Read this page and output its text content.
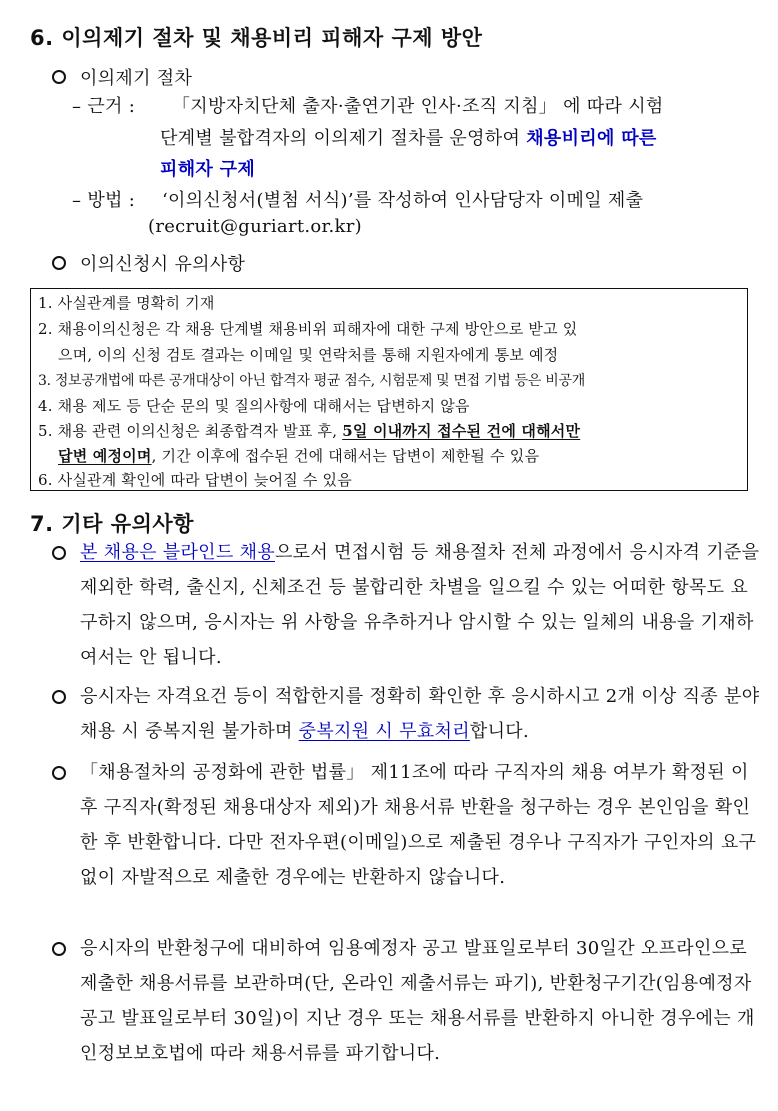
6. 이의제기 절차 및 채용비리 피해자 구제 방안
이의제기 절차
– 근거 : 「지방자치단체 출자·출연기관 인사·조직 지침」 에 따라 시험
단계별 불합격자의 이의제기 절차를 운영하여 채용비리에 따른
피해자 구제
– 방법 : ‘이의신청서(별첨 서식)’를 작성하여 인사담당자 이메일 제출
(recruit@guriart.or.kr)
이의신청시 유의사항
1. 사실관계를 명확히 기재
2. 채용이의신청은 각 채용 단계별 채용비위 피해자에 대한 구제 방안으로 받고 있
으며, 이의 신청 검토 결과는 이메일 및 연락처를 통해 지원자에게 통보 예정
3. 정보공개법에 따른 공개대상이 아닌 합격자 평균 점수, 시험문제 및 면접 기법 등은 비공개
4. 채용 제도 등 단순 문의 및 질의사항에 대해서는 답변하지 않음
5. 채용 관련 이의신청은 최종합격자 발표 후, 5일 이내까지 접수된 건에 대해서만
답변 예정이며, 기간 이후에 접수된 건에 대해서는 답변이 제한될 수 있음
6. 사실관계 확인에 따라 답변이 늦어질 수 있음
7. 기타 유의사항
본 채용은 블라인드 채용으로서 면접시험 등 채용절차 전체 과정에서 응시자격 기준을 제외한 학력, 출신지, 신체조건 등 불합리한 차별을 일으킬 수 있는 어떠한 항목도 요구하지 않으며, 응시자는 위 사항을 유추하거나 암시할 수 있는 일체의 내용을 기재하여서는 안 됩니다.
응시자는 자격요건 등이 적합한지를 정확히 확인한 후 응시하시고 2개 이상 직종 분야 채용 시 중복지원 불가하며 중복지원 시 무효처리합니다.
「채용절차의 공정화에 관한 법률」 제11조에 따라 구직자의 채용 여부가 확정된 이후 구직자(확정된 채용대상자 제외)가 채용서류 반환을 청구하는 경우 본인임을 확인한 후 반환합니다. 다만 전자우편(이메일)으로 제출된 경우나 구직자가 구인자의 요구 없이 자발적으로 제출한 경우에는 반환하지 않습니다.
응시자의 반환청구에 대비하여 임용예정자 공고 발표일로부터 30일간 오프라인으로 제출한 채용서류를 보관하며(단, 온라인 제출서류는 파기), 반환청구기간(임용예정자 공고 발표일로부터 30일)이 지난 경우 또는 채용서류를 반환하지 아니한 경우에는 개인정보보호법에 따라 채용서류를 파기합니다.
